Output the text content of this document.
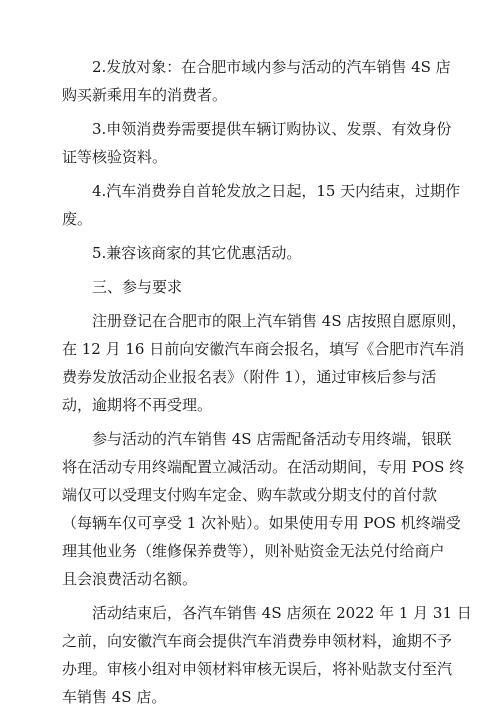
2.发放对象：在合肥市域内参与活动的汽车销售 4S 店
购买新乘用车的消费者。
3.申领消费券需要提供车辆订购协议、发票、有效身份
证等核验资料。
4.汽车消费券自首轮发放之日起，15 天内结束，过期作
废。
5.兼容该商家的其它优惠活动。
三、参与要求
注册登记在合肥市的限上汽车销售 4S 店按照自愿原则，
在 12 月 16 日前向安徽汽车商会报名，填写《合肥市汽车消
费券发放活动企业报名表》（附件 1），通过审核后参与活
动，逾期将不再受理。
参与活动的汽车销售 4S 店需配备活动专用终端，银联
将在活动专用终端配置立减活动。在活动期间，专用 POS 终
端仅可以受理支付购车定金、购车款或分期支付的首付款
（每辆车仅可享受 1 次补贴）。如果使用专用 POS 机终端受
理其他业务（维修保养费等），则补贴资金无法兑付给商户
且会浪费活动名额。
活动结束后，各汽车销售 4S 店须在 2022 年 1 月 31 日
之前，向安徽汽车商会提供汽车消费券申领材料，逾期不予
办理。审核小组对申领材料审核无误后，将补贴款支付至汽
车销售 4S 店。
